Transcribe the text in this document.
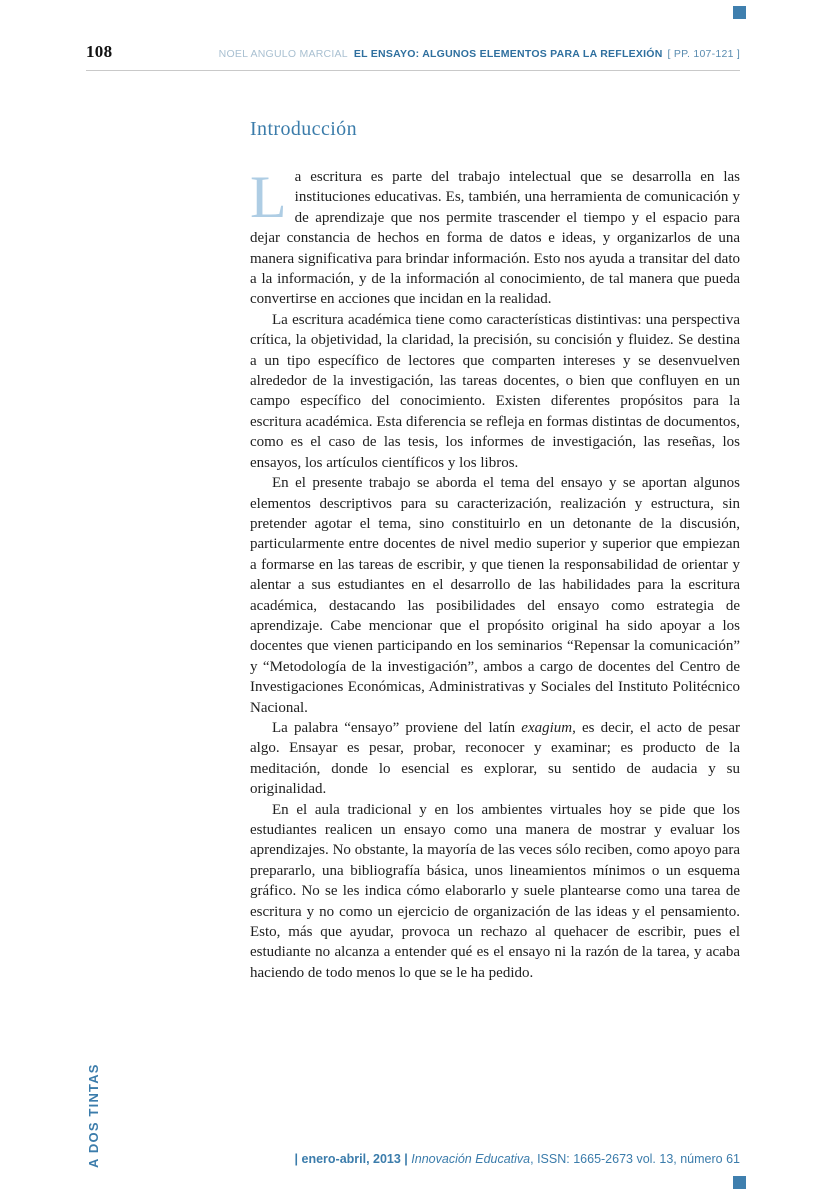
108	NOEL ANGULO MARCIAL EL ENSAYO: ALGUNOS ELEMENTOS PARA LA REFLEXIÓN [ PP. 107-121 ]
Introducción

La escritura es parte del trabajo intelectual que se desarrolla en las instituciones educativas. Es, también, una herramienta de comunicación y de aprendizaje que nos permite trascender el tiempo y el espacio para dejar constancia de hechos en forma de datos e ideas, y organizarlos de una manera significativa para brindar información. Esto nos ayuda a transitar del dato a la información, y de la información al conocimiento, de tal manera que pueda convertirse en acciones que incidan en la realidad.

La escritura académica tiene como características distintivas: una perspectiva crítica, la objetividad, la claridad, la precisión, su concisión y fluidez. Se destina a un tipo específico de lectores que comparten intereses y se desenvuelven alrededor de la investigación, las tareas docentes, o bien que confluyen en un campo específico del conocimiento. Existen diferentes propósitos para la escritura académica. Esta diferencia se refleja en formas distintas de documentos, como es el caso de las tesis, los informes de investigación, las reseñas, los ensayos, los artículos científicos y los libros.

En el presente trabajo se aborda el tema del ensayo y se aportan algunos elementos descriptivos para su caracterización, realización y estructura, sin pretender agotar el tema, sino constituirlo en un detonante de la discusión, particularmente entre docentes de nivel medio superior y superior que empiezan a formarse en las tareas de escribir, y que tienen la responsabilidad de orientar y alentar a sus estudiantes en el desarrollo de las habilidades para la escritura académica, destacando las posibilidades del ensayo como estrategia de aprendizaje. Cabe mencionar que el propósito original ha sido apoyar a los docentes que vienen participando en los seminarios “Repensar la comunicación” y “Metodología de la investigación”, ambos a cargo de docentes del Centro de Investigaciones Económicas, Administrativas y Sociales del Instituto Politécnico Nacional.

La palabra “ensayo” proviene del latín exagium, es decir, el acto de pesar algo. Ensayar es pesar, probar, reconocer y examinar; es producto de la meditación, donde lo esencial es explorar, su sentido de audacia y su originalidad.

En el aula tradicional y en los ambientes virtuales hoy se pide que los estudiantes realicen un ensayo como una manera de mostrar y evaluar los aprendizajes. No obstante, la mayoría de las veces sólo reciben, como apoyo para prepararlo, una bibliografía básica, unos lineamientos mínimos o un esquema gráfico. No se les indica cómo elaborarlo y suele plantearse como una tarea de escritura y no como un ejercicio de organización de las ideas y el pensamiento. Esto, más que ayudar, provoca un rechazo al quehacer de escribir, pues el estudiante no alcanza a entender qué es el ensayo ni la razón de la tarea, y acaba haciendo de todo menos lo que se le ha pedido.

A DOS TINTAS	| enero-abril, 2013 | Innovación Educativa, ISSN: 1665-2673 vol. 13, número 61
